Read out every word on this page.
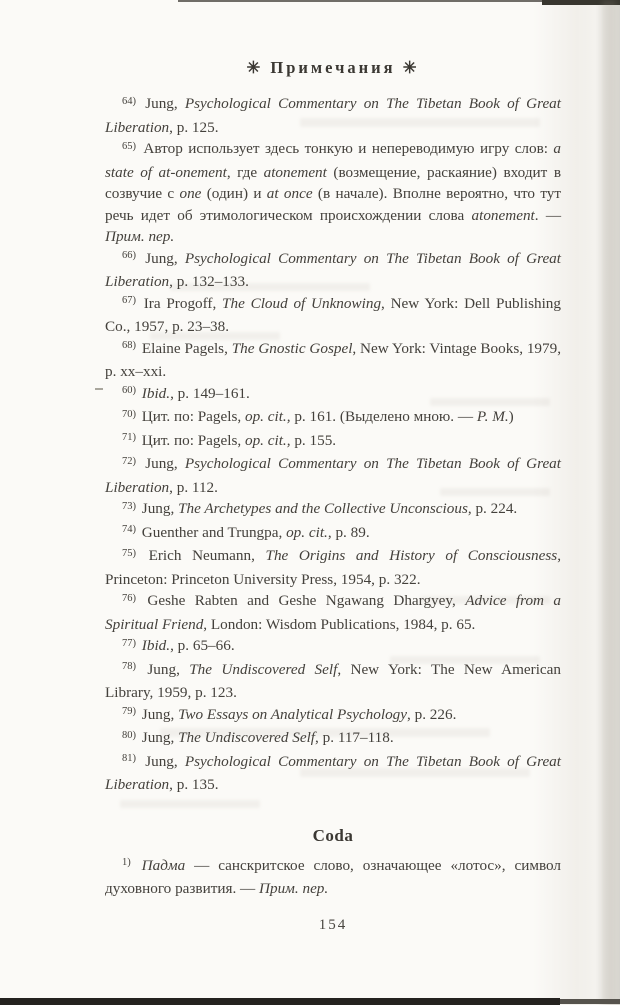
✳ Примечания ✳

$^{64)}$ Jung, Psychological Commentary on The Tibetan Book of Great Liberation, p. 125.

$^{65)}$ Автор использует здесь тонкую и непереводимую игру слов: a state of at-onement, где atonement (возмещение, раскаяние) входит в созвучие с one (один) и at once (в начале). Вполне вероятно, что тут речь идет об этимологическом происхождении слова atonement. — Прим. пер.

$^{66)}$ Jung, Psychological Commentary on The Tibetan Book of Great Liberation, p. 132–133.

$^{67)}$ Ira Progoff, The Cloud of Unknowing, New York: Dell Publishing Co., 1957, p. 23–38.

$^{68)}$ Elaine Pagels, The Gnostic Gospel, New York: Vintage Books, 1979, p. xx–xxi.

$^{60)}$ Ibid., p. 149–161.

$^{70)}$ Цит. по: Pagels, op. cit., p. 161. (Выделено мною. — Р. М.)

$^{71)}$ Цит. по: Pagels, op. cit., p. 155.

$^{72)}$ Jung, Psychological Commentary on The Tibetan Book of Great Liberation, p. 112.

$^{73)}$ Jung, The Archetypes and the Collective Unconscious, p. 224.

$^{74)}$ Guenther and Trungpa, op. cit., p. 89.

$^{75)}$ Erich Neumann, The Origins and History of Consciousness, Princeton: Princeton University Press, 1954, p. 322.

$^{76)}$ Geshe Rabten and Geshe Ngawang Dhargyey, Advice from a Spiritual Friend, London: Wisdom Publications, 1984, p. 65.

$^{77)}$ Ibid., p. 65–66.

$^{78)}$ Jung, The Undiscovered Self, New York: The New American Library, 1959, p. 123.

$^{79)}$ Jung, Two Essays on Analytical Psychology, p. 226.

$^{80)}$ Jung, The Undiscovered Self, p. 117–118.

$^{81)}$ Jung, Psychological Commentary on The Tibetan Book of Great Liberation, p. 135.

Coda

$^{1)}$ Падма — санскритское слово, означающее «лотос», символ духовного развития. — Прим. пер.

154
